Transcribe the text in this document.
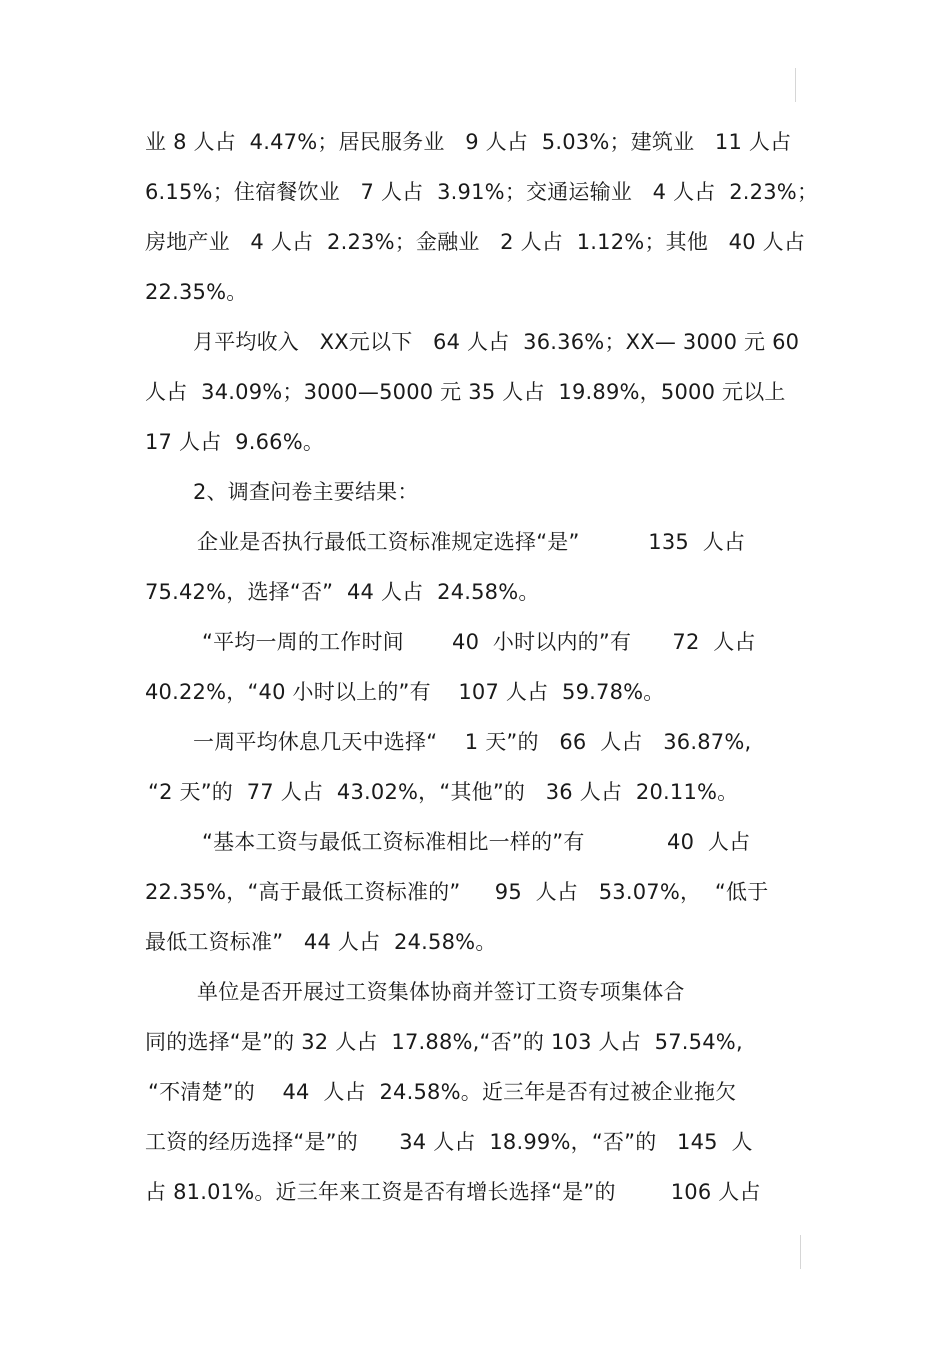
业 8 人占  4.47%；居民服务业   9 人占  5.03%；建筑业   11 人占
6.15%；住宿餐饮业   7 人占  3.91%；交通运输业   4 人占  2.23%；
房地产业   4 人占  2.23%；金融业   2 人占  1.12%；其他   40 人占
22.35%。
月平均收入   XX元以下   64 人占  36.36%；XX— 3000 元 60
人占  34.09%；3000—5000 元 35 人占  19.89%，5000 元以上
17 人占  9.66%。
2、调查问卷主要结果：
企业是否执行最低工资标准规定选择“是”          135  人占
75.42%，选择“否”  44 人占  24.58%。
“平均一周的工作时间       40  小时以内的”有      72  人占
40.22%，“40 小时以上的”有    107 人占  59.78%。
一周平均休息几天中选择“    1 天”的   66  人占   36.87%,
“2 天”的  77 人占  43.02%，“其他”的   36 人占  20.11%。
“基本工资与最低工资标准相比一样的”有            40  人占
22.35%，“高于最低工资标准的”     95  人占   53.07%，  “低于
最低工资标准”   44 人占  24.58%。
单位是否开展过工资集体协商并签订工资专项集体合
同的选择“是”的 32 人占  17.88%,“否”的 103 人占  57.54%,
“不清楚”的    44  人占  24.58%。近三年是否有过被企业拖欠
工资的经历选择“是”的      34 人占  18.99%，“否”的   145  人
占 81.01%。近三年来工资是否有增长选择“是”的        106 人占
